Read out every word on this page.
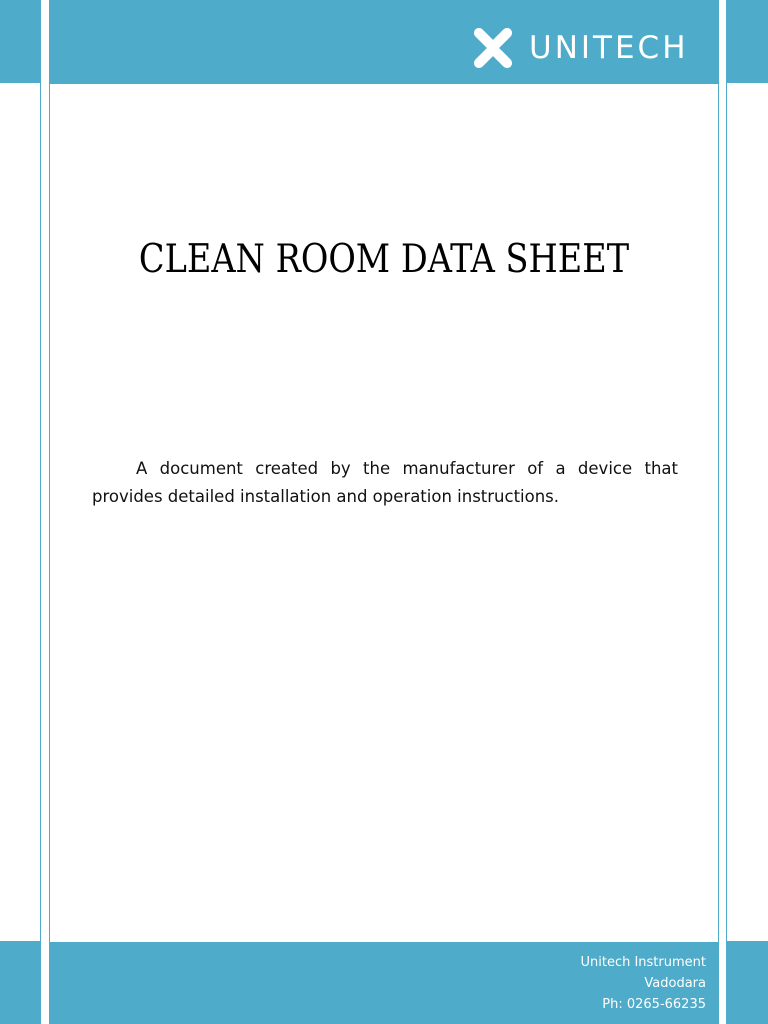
UNITECH
CLEAN ROOM DATA SHEET

A document created by the manufacturer of a device that provides detailed installation and operation instructions.

Unitech Instrument
Vadodara
Ph: 0265-66235
